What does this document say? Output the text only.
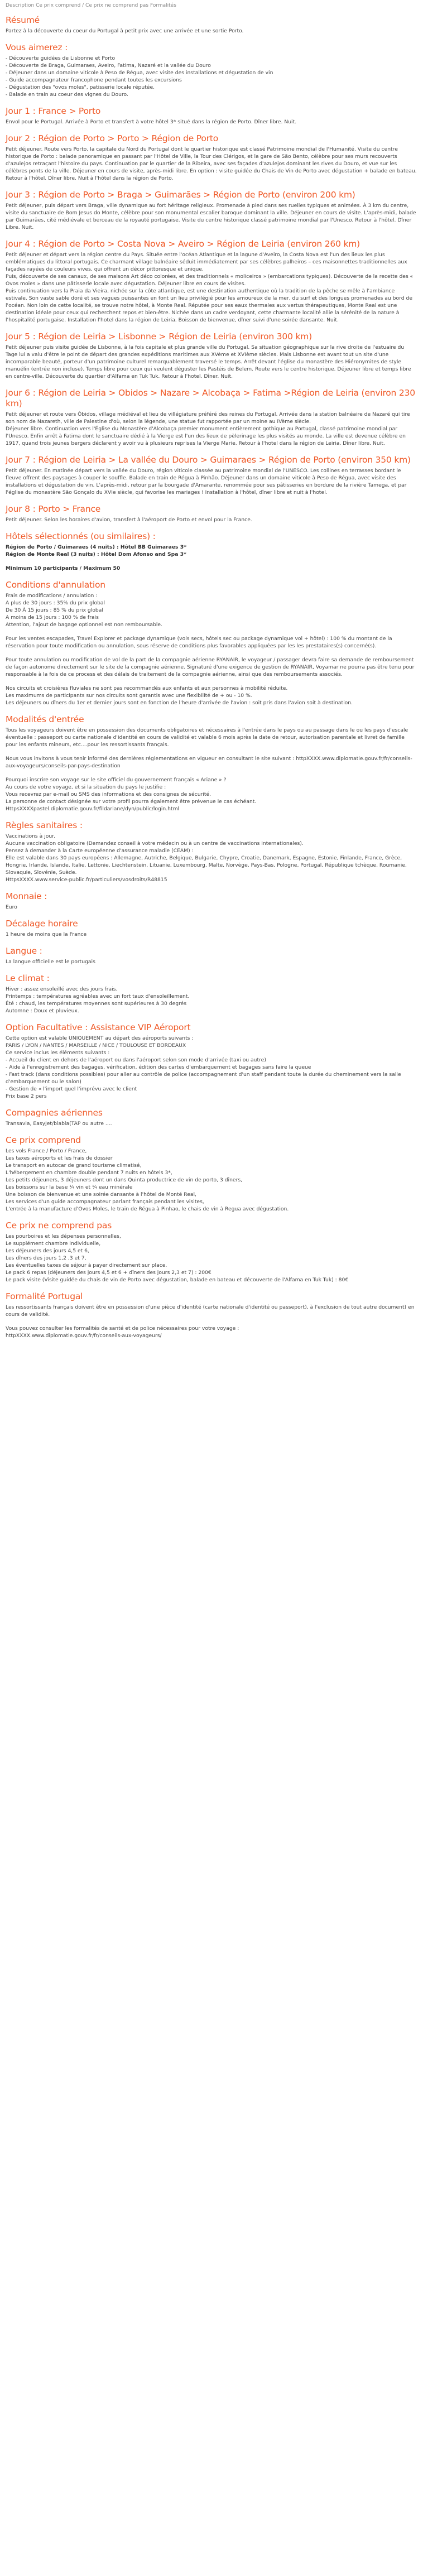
Description Ce prix comprend / Ce prix ne comprend pas Formalités
Résumé

Partez à la découverte du coeur du Portugal à petit prix avec une arrivée et une sortie Porto.

Vous aimerez :

- Découverte guidées de Lisbonne et Porto

- Découverte de Braga, Guimaraes, Aveiro, Fatima, Nazaré et la vallée du Douro

- Déjeuner dans un domaine viticole à Peso de Régua, avec visite des installations et dégustation de vin

- Guide accompagnateur francophone pendant toutes les excursions

- Dégustation des "ovos moles", patisserie locale réputée.

- Balade en train au coeur des vignes du Douro.

Jour 1 : France > Porto

Envol pour le Portugal. Arrivée à Porto et transfert à votre hôtel 3* situé dans la région de Porto. Dîner libre. Nuit.

Jour 2 : Région de Porto > Porto > Région de Porto

Petit déjeuner. Route vers Porto, la capitale du Nord du Portugal dont le quartier historique est classé Patrimoine mondial de l'Humanité. Visite du centre historique de Porto : balade panoramique en passant par l'Hôtel de Ville, la Tour des Clérigos, et la gare de São Bento, célèbre pour ses murs recouverts d'azulejos retraçant l'histoire du pays. Continuation par le quartier de la Ribeira, avec ses façades d'azulejos dominant les rives du Douro, et vue sur les célèbres ponts de la ville. Déjeuner en cours de visite, après-midi libre. En option : visite guidée du Chais de Vin de Porto avec dégustation + balade en bateau. Retour à l'hôtel. Dîner libre. Nuit à l'hôtel dans la région de Porto.

Jour 3 : Région de Porto > Braga > Guimarães > Région de Porto (environ 200 km)

Petit déjeuner, puis départ vers Braga, ville dynamique au fort héritage religieux. Promenade à pied dans ses ruelles typiques et animées. À 3 km du centre, visite du sanctuaire de Bom Jesus do Monte, célèbre pour son monumental escalier baroque dominant la ville. Déjeuner en cours de visite. L'après-midi, balade par Guimarães, cité médiévale et berceau de la royauté portugaise. Visite du centre historique classé patrimoine mondial par l'Unesco. Retour à l'hôtel. Dîner Libre. Nuit.

Jour 4 : Région de Porto > Costa Nova > Aveiro > Région de Leiria (environ 260 km)

Petit déjeuner et départ vers la région centre du Pays. Située entre l'océan Atlantique et la lagune d'Aveiro, la Costa Nova est l'un des lieux les plus emblématiques du littoral portugais. Ce charmant village balnéaire séduit immédiatement par ses célèbres palheiros – ces maisonnettes traditionnelles aux façades rayées de couleurs vives, qui offrent un décor pittoresque et unique.

Puis, découverte de ses canaux, de ses maisons Art déco colorées, et des traditionnels « moliceiros » (embarcations typiques). Découverte de la recette des « Ovos moles » dans une pâtisserie locale avec dégustation. Déjeuner libre en cours de visites.

Puis continuation vers la Praia da Vieira, nichée sur la côte atlantique, est une destination authentique où la tradition de la pêche se mêle à l'ambiance estivale. Son vaste sable doré et ses vagues puissantes en font un lieu privilégié pour les amoureux de la mer, du surf et des longues promenades au bord de l'océan. Non loin de cette localité, se trouve notre hôtel, à Monte Real. Réputée pour ses eaux thermales aux vertus thérapeutiques, Monte Real est une destination idéale pour ceux qui recherchent repos et bien-être. Nichée dans un cadre verdoyant, cette charmante localité allie la sérénité de la nature à l'hospitalité portugaise. Installation l'hotel dans la région de Leiria. Boisson de bienvenue, dîner suivi d'une soirée dansante. Nuit.

Jour 5 : Région de Leiria > Lisbonne > Région de Leiria (environ 300 km)

Petit déjeuner puis visite guidée de Lisbonne, à la fois capitale et plus grande ville du Portugal. Sa situation géographique sur la rive droite de l'estuaire du Tage lui a valu d'être le point de départ des grandes expéditions maritimes aux XVème et XVIème siècles. Mais Lisbonne est avant tout un site d'une incomparable beauté, porteur d'un patrimoine culturel remarquablement traversé le temps. Arrêt devant l'église du monastère des Hiéronymites de style manuélin (entrée non incluse). Temps libre pour ceux qui veulent déguster les Pastéis de Belem. Route vers le centre historique. Déjeuner libre et temps libre en centre-ville. Découverte du quartier d'Alfama en Tuk Tuk. Retour à l'hotel. Dîner. Nuit.

Jour 6 : Région de Leiria > Obidos > Nazare > Alcobaça > Fatima >Région de Leiria (environ 230 km)

Petit déjeuner et route vers Óbidos, village médiéval et lieu de villégiature préféré des reines du Portugal. Arrivée dans la station balnéaire de Nazaré qui tire son nom de Nazareth, ville de Palestine d'où, selon la légende, une statue fut rapportée par un moine au IVème siècle.

Déjeuner libre. Continuation vers l'Église du Monastère d'Alcobaça premier monument entièrement gothique au Portugal, classé patrimoine mondial par l'Unesco. Enfin arrêt à Fatima dont le sanctuaire dédié à la Vierge est l'un des lieux de pèlerinage les plus visités au monde. La ville est devenue célèbre en 1917, quand trois jeunes bergers déclarent y avoir vu à plusieurs reprises la Vierge Marie. Retour à l'hotel dans la région de Leiria. Dîner libre. Nuit.

Jour 7 : Région de Leiria > La vallée du Douro > Guimaraes > Région de Porto (environ 350 km)

Petit déjeuner. En matinée départ vers la vallée du Douro, région viticole classée au patrimoine mondial de l'UNESCO. Les collines en terrasses bordant le fleuve offrent des paysages à couper le souffle. Balade en train de Régua à Pinhão. Déjeuner dans un domaine viticole à Peso de Régua, avec visite des installations et dégustation de vin. L'après-midi, retour par la bourgade d'Amarante, renommée pour ses pâtisseries en bordure de la rivière Tamega, et par l'église du monastère São Gonçalo du XVIe siècle, qui favorise les mariages ! Installation à l'hôtel, dîner libre et nuit à l'hotel.

Jour 8 : Porto > France

Petit déjeuner. Selon les horaires d'avion, transfert à l'aéroport de Porto et envol pour la France.

Hôtels sélectionnés (ou similaires) :

Région de Porto / Guimaraes (4 nuits) : Hôtel BB Guimaraes 3*

Région de Monte Real (3 nuits) : Hôtel Dom Afonso and Spa 3*

Minimum 10 participants / Maximum 50

Conditions d'annulation

Frais de modifications / annulation :

A plus de 30 jours : 35% du prix global

De 30 À 15 jours : 85 % du prix global

A moins de 15 jours : 100 % de frais

Attention, l'ajout de bagage optionnel est non remboursable.

Pour les ventes escapades, Travel Explorer et package dynamique (vols secs, hôtels sec ou package dynamique vol + hôtel) : 100 % du montant de la réservation pour toute modification ou annulation, sous réserve de conditions plus favorables appliquées par les les prestataires(s) concerné(s).

Pour toute annulation ou modification de vol de la part de la compagnie aérienne RYANAIR, le voyageur / passager devra faire sa demande de remboursement de façon autonome directement sur le site de la compagnie aérienne. Signaturé d'une exigence de gestion de RYANAIR, Voyamar ne pourra pas être tenu pour responsable à la fois de ce process et des délais de traitement de la compagnie aérienne, ainsi que des remboursements associés.

Nos circuits et croisières fluviales ne sont pas recommandés aux enfants et aux personnes à mobilité réduite.

Les maximums de participants sur nos circuits sont garantis avec une flexibilité de + ou - 10 %.

Les déjeuners ou dîners du 1er et dernier jours sont en fonction de l'heure d'arrivée de l'avion : soit pris dans l'avion soit à destination.

Modalités d'entrée

Tous les voyageurs doivent être en possession des documents obligatoires et nécessaires à l'entrée dans le pays ou au passage dans le ou les pays d'escale éventuelle : passeport ou carte nationale d'identité en cours de validité et valable 6 mois après la date de retour, autorisation parentale et livret de famille pour les enfants mineurs, etc....pour les ressortissants français.

Nous vous invitons à vous tenir informé des dernières réglementations en vigueur en consultant le site suivant : httpXXXX.www.diplomatie.gouv.fr/fr/conseils-aux-voyageurs/conseils-par-pays-destination

Pourquoi inscrire son voyage sur le site officiel du gouvernement français « Ariane » ?

Au cours de votre voyage, et si la situation du pays le justifie :

Vous recevrez par e-mail ou SMS des informations et des consignes de sécurité.

La personne de contact désignée sur votre profil pourra également être prévenue le cas échéant.

HttpsXXXXpastel.diplomatie.gouv.fr/fildariane/dyn/public/login.html

Règles sanitaires :

Vaccinations à jour.

Aucune vaccination obligatoire (Demandez conseil à votre médecin ou à un centre de vaccinations internationales).

Pensez à demander à la Carte européenne d'assurance maladie (CEAM) :

Elle est valable dans 30 pays européens : Allemagne, Autriche, Belgique, Bulgarie, Chypre, Croatie, Danemark, Espagne, Estonie, Finlande, France, Grèce, Hongrie, Irlande, Islande, Italie, Lettonie, Liechtenstein, Lituanie, Luxembourg, Malte, Norvège, Pays-Bas, Pologne, Portugal, République tchèque, Roumanie, Slovaquie, Slovénie, Suède.

HttpsXXXX.www.service-public.fr/particuliers/vosdroits/R48815

Monnaie :

Euro

Décalage horaire

1 heure de moins que la France

Langue :

La langue officielle est le portugais

Le climat :

Hiver : assez ensoleillé avec des jours frais.

Printemps : températures agréables avec un fort taux d'ensoleillement.

Été : chaud, les températures moyennes sont supérieures à 30 degrés

Automne : Doux et pluvieux.

Option Facultative : Assistance VIP Aéroport

Cette option est valable UNIQUEMENT au départ des aéroports suivants :

PARIS / LYON / NANTES / MARSEILLE / NICE / TOULOUSE ET BORDEAUX

Ce service inclus les éléments suivants :

- Accueil du client en dehors de l'aéroport ou dans l'aéroport selon son mode d'arrivée (taxi ou autre)

- Aide à l'enregistrement des bagages, vérification, édition des cartes d'embarquement et bagages sans faire la queue

- Fast track (dans conditions possibles) pour aller au contrôle de police (accompagnement d'un staff pendant toute la durée du cheminement vers la salle d'embarquement ou le salon)

- Gestion de « l'import quel l'imprévu avec le client

Prix base 2 pers

Compagnies aériennes

Transavia, EasyJet/blabla(TAP ou autre ....

Ce prix comprend

Les vols France / Porto / France,

Les taxes aéroports et les frais de dossier

Le transport en autocar de grand tourisme climatisé,

L'hébergement en chambre double pendant 7 nuits en hôtels 3*,

Les petits déjeuners, 3 déjeuners dont un dans Quinta productrice de vin de porto, 3 dîners,

Les boissons sur la base ¼ vin et ¼ eau minérale

Une boisson de bienvenue et une soirée dansante à l'hôtel de Monté Real,

Les services d'un guide accompagnateur parlant français pendant les visites,

L'entrée à la manufacture d'Ovos Moles, le train de Régua à Pinhao, le chais de vin à Regua avec dégustation.

Ce prix ne comprend pas

Les pourboires et les dépenses personnelles,

Le supplément chambre individuelle,

Les déjeuners des jours 4,5 et 6,

Les dîners des jours 1,2 ,3 et 7,

Les éventuelles taxes de séjour à payer directement sur place.

Le pack 6 repas (déjeuners des jours 4,5 et 6 + dîners des jours 2,3 et 7) : 200€

Le pack visite (Visite guidée du chais de vin de Porto avec dégustation, balade en bateau et découverte de l'Alfama en Tuk Tuk) : 80€

Formalité Portugal

Les ressortissants français doivent être en possession d'une pièce d'identité (carte nationale d'identité ou passeport), à l'exclusion de tout autre document) en cours de validité.

Vous pouvez consulter les formalités de santé et de police nécessaires pour votre voyage :

httpXXXX.www.diplomatie.gouv.fr/fr/conseils-aux-voyageurs/
